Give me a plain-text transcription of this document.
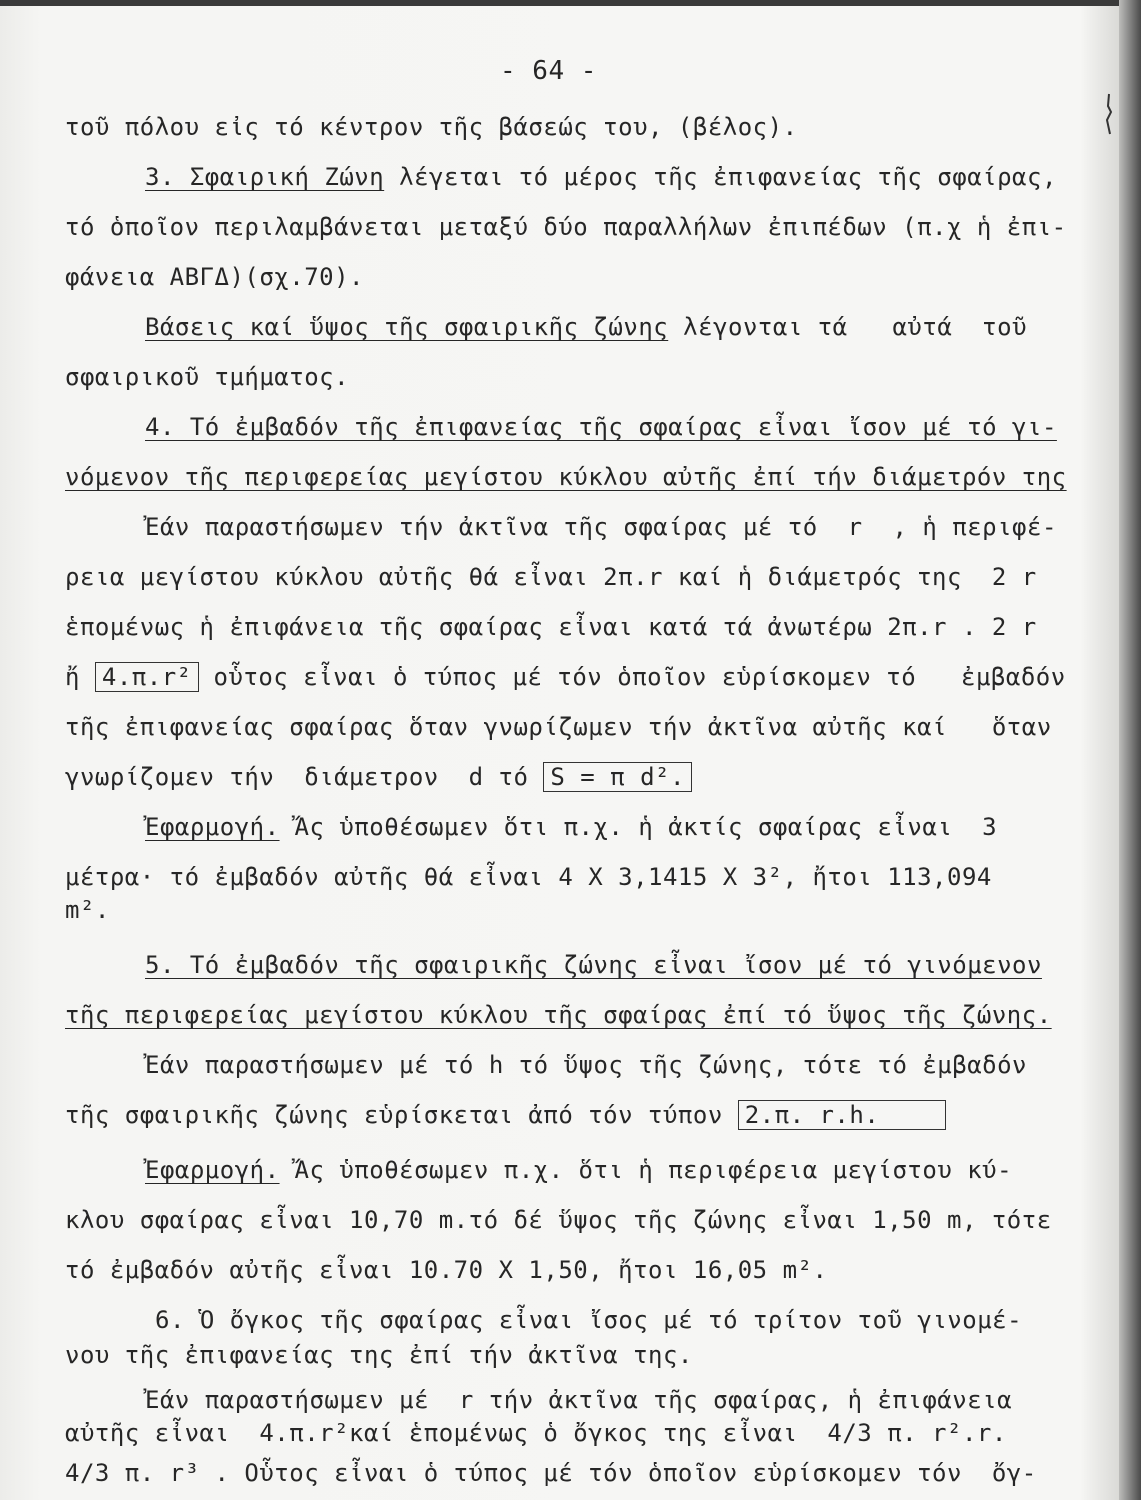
- 64 -
τοῦ πόλου εἰς τό κέντρον τῆς βάσεώς του, (βέλος).
3. Σφαιρική Ζώνη λέγεται τό μέρος τῆς ἐπιφανείας τῆς σφαίρας,
τό ὁποῖον περιλαμβάνεται μεταξύ δύο παραλλήλων ἐπιπέδων (π.χ ἡ ἐπι-
φάνεια ΑΒΓΔ)(σχ.70).
Βάσεις καί ὕψος τῆς σφαιρικῆς ζώνης λέγονται τά   αὐτά  τοῦ
σφαιρικοῦ τμήματος.
4. Τό ἐμβαδόν τῆς ἐπιφανείας τῆς σφαίρας εἶναι ἴσον μέ τό γι-
νόμενον τῆς περιφερείας μεγίστου κύκλου αὐτῆς ἐπί τήν διάμετρόν της
Ἐάν παραστήσωμεν τήν ἀκτῖνα τῆς σφαίρας μέ τό  r  , ἡ περιφέ-
ρεια μεγίστου κύκλου αὐτῆς θά εἶναι 2π.r καί ἡ διάμετρός της  2 r
ἑπομένως ἡ ἐπιφάνεια τῆς σφαίρας εἶναι κατά τά ἀνωτέρω 2π.r . 2 r
ἤ 4.π.r² οὗτος εἶναι ὁ τύπος μέ τόν ὁποῖον εὑρίσκομεν τό   ἐμβαδόν
τῆς ἐπιφανείας σφαίρας ὅταν γνωρίζωμεν τήν ἀκτῖνα αὐτῆς καί   ὅταν
γνωρίζομεν τήν  διάμετρον  d τό S = π d².
Ἐφαρμογή. Ἄς ὑποθέσωμεν ὅτι π.χ. ἡ ἀκτίς σφαίρας εἶναι  3
μέτρα· τό ἐμβαδόν αὐτῆς θά εἶναι 4 Χ 3,1415 Χ 3², ἤτοι 113,094
m².
5. Τό ἐμβαδόν τῆς σφαιρικῆς ζώνης εἶναι ἴσον μέ τό γινόμενον
τῆς περιφερείας μεγίστου κύκλου τῆς σφαίρας ἐπί τό ὕψος τῆς ζώνης.
Ἐάν παραστήσωμεν μέ τό h τό ὕψος τῆς ζώνης, τότε τό ἐμβαδόν
τῆς σφαιρικῆς ζώνης εὑρίσκεται ἀπό τόν τύπον 2.π. r.h.
Ἐφαρμογή. Ἄς ὑποθέσωμεν π.χ. ὅτι ἡ περιφέρεια μεγίστου κύ-
κλου σφαίρας εἶναι 10,70 m.τό δέ ὕψος τῆς ζώνης εἶναι 1,50 m, τότε
τό ἐμβαδόν αὐτῆς εἶναι 10.70 Χ 1,50, ἤτοι 16,05 m².
6. Ὁ ὄγκος τῆς σφαίρας εἶναι ἴσος μέ τό τρίτον τοῦ γινομέ-
νου τῆς ἐπιφανείας της ἐπί τήν ἀκτῖνα της.
Ἐάν παραστήσωμεν μέ  r τήν ἀκτῖνα τῆς σφαίρας, ἡ ἐπιφάνεια
αὐτῆς εἶναι  4.π.r²καί ἑπομένως ὁ ὄγκος της εἶναι  4/3 π. r².r.
4/3 π. r³ . Οὗτος εἶναι ὁ τύπος μέ τόν ὁποῖον εὑρίσκομεν τόν  ὄγ-
